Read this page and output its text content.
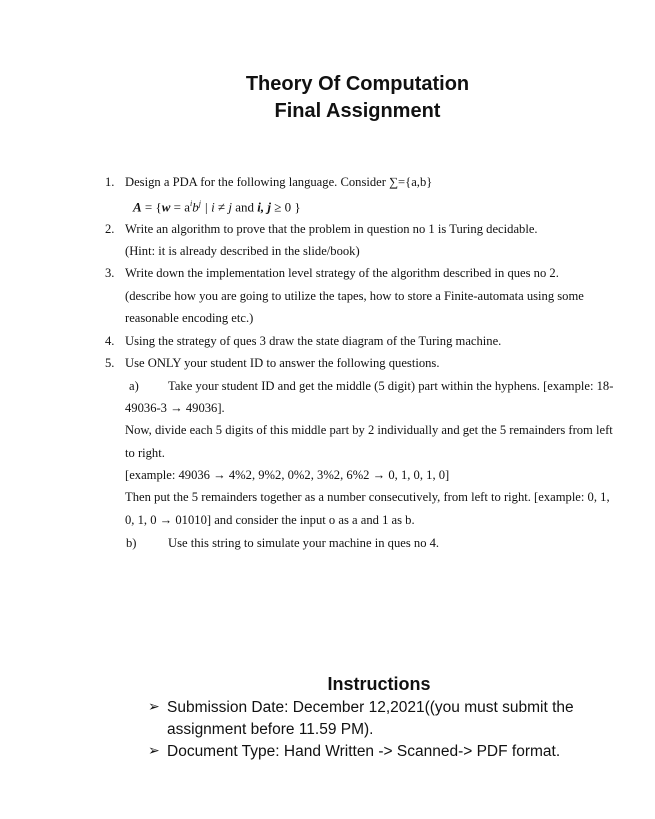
Theory Of Computation
Final Assignment
1. Design a PDA for the following language. Consider ∑={a,b}
$A = \{w = a^ib^j$ | i ≠ j and i, j ≥ 0 }
2. Write an algorithm to prove that the problem in question no 1 is Turing decidable.
(Hint: it is already described in the slide/book)
3. Write down the implementation level strategy of the algorithm described in ques no 2.
(describe how you are going to utilize the tapes, how to store a Finite-automata using some
reasonable encoding etc.)
4. Using the strategy of ques 3 draw the state diagram of the Turing machine.
5. Use ONLY your student ID to answer the following questions.
a) Take your student ID and get the middle (5 digit) part within the hyphens. [example: 18-
49036-3 → 49036].
Now, divide each 5 digits of this middle part by 2 individually and get the 5 remainders from left
to right.
[example: 49036 → 4%2, 9%2, 0%2, 3%2, 6%2 → 0, 1, 0, 1, 0]
Then put the 5 remainders together as a number consecutively, from left to right. [example: 0, 1,
0, 1, 0 → 01010] and consider the input o as a and 1 as b.
b)	Use this string to simulate your machine in ques no 4.
Instructions
➢ Submission Date: December 12,2021((you must submit the
assignment before 11.59 PM).
➢ Document Type: Hand Written -> Scanned-> PDF format.
